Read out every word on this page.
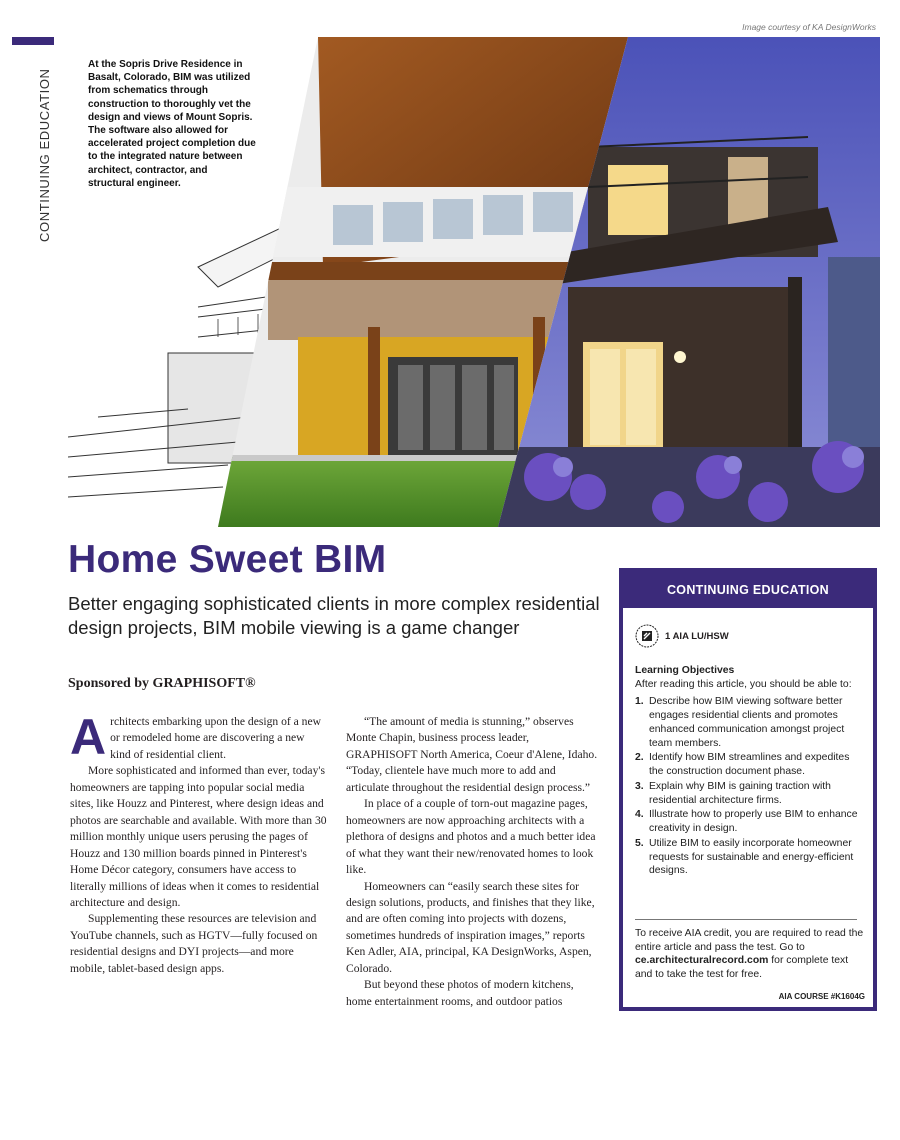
Image courtesy of KA DesignWorks
CONTINUING EDUCATION
At the Sopris Drive Residence in Basalt, Colorado, BIM was utilized from schematics through construction to thoroughly vet the design and views of Mount Sopris. The software also allowed for accelerated project completion due to the integrated nature between architect, contractor, and structural engineer.
Home Sweet BIM
Better engaging sophisticated clients in more complex residential design projects, BIM mobile viewing is a game changer
Sponsored by GRAPHISOFT®

Architects embarking upon the design of a new or remodeled home are discovering a new kind of residential client.

More sophisticated and informed than ever, today's homeowners are tapping into popular social media sites, like Houzz and Pinterest, where design ideas and photos are searchable and available. With more than 30 million monthly unique users perusing the pages of Houzz and 130 million boards pinned in Pinterest's Home Décor category, consumers have access to literally millions of ideas when it comes to residential architecture and design.

Supplementing these resources are television and YouTube channels, such as HGTV—fully focused on residential designs and DYI projects—and more mobile, tablet-based design apps.

“The amount of media is stunning,” observes Monte Chapin, business process leader, GRAPHISOFT North America, Coeur d'Alene, Idaho. “Today, clientele have much more to add and articulate throughout the residential design process.”

In place of a couple of torn-out magazine pages, homeowners are now approaching architects with a plethora of designs and photos and a much better idea of what they want their new/renovated homes to look like.

Homeowners can “easily search these sites for design solutions, products, and finishes that they like, and are often coming into projects with dozens, sometimes hundreds of inspiration images,” reports Ken Adler, AIA, principal, KA DesignWorks, Aspen, Colorado.

But beyond these photos of modern kitchens, home entertainment rooms, and outdoor patios

CONTINUING EDUCATION
1 AIA LU/HSW
Learning Objectives
After reading this article, you should be able to:
1. Describe how BIM viewing software better engages residential clients and promotes enhanced communication amongst project team members.
2. Identify how BIM streamlines and expedites the construction document phase.
3. Explain why BIM is gaining traction with residential architecture firms.
4. Illustrate how to properly use BIM to enhance creativity in design.
5. Utilize BIM to easily incorporate homeowner requests for sustainable and energy-efficient designs.
To receive AIA credit, you are required to read the entire article and pass the test. Go to ce.architecturalrecord.com for complete text and to take the test for free.
AIA COURSE #K1604G
